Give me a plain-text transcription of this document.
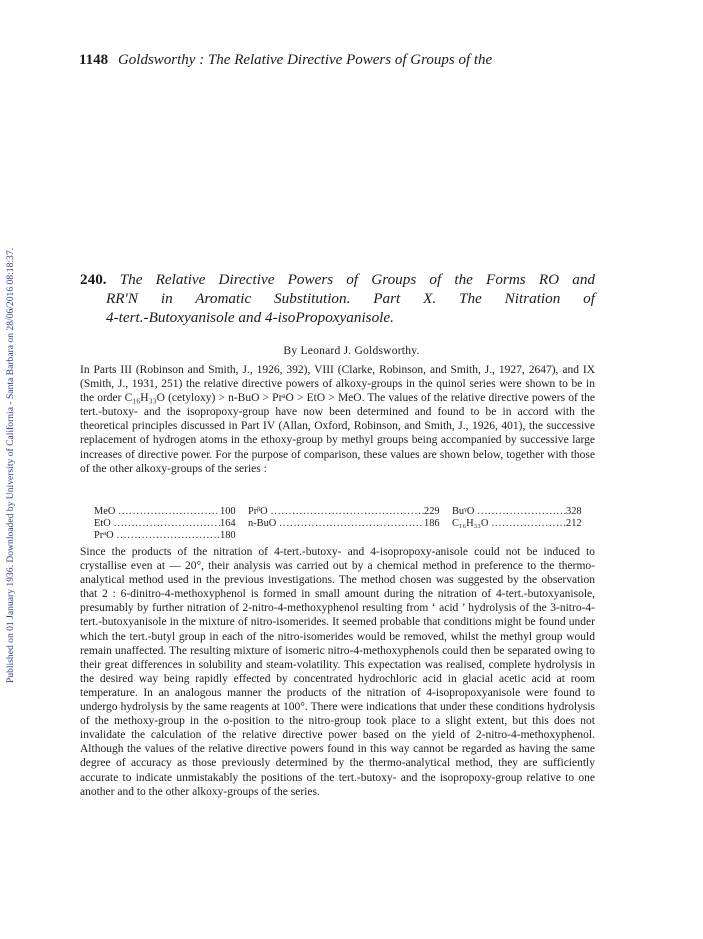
Published on 01 January 1936. Downloaded by University of California - Santa Barbara on 28/06/2016 08:18:37.
1148 Goldsworthy : The Relative Directive Powers of Groups of the

240. The Relative Directive Powers of Groups of the Forms RO and

RR′N in Aromatic Substitution. Part X. The Nitration of

4-tert.-Butoxyanisole and 4-isoPropoxyanisole.

By Leonard J. Goldsworthy.

In Parts III (Robinson and Smith, J., 1926, 392), VIII (Clarke, Robinson, and Smith, J., 1927, 2647), and IX (Smith, J., 1931, 251) the relative directive powers of alkoxy-groups in the quinol series were shown to be in the order C₁₆H₃₃O (cetyloxy) > n-BuO > PrᵃO > EtO > MeO. The values of the relative directive powers of the tert.-butoxy- and the isopropoxy-group have now been determined and found to be in accord with the theoretical principles discussed in Part IV (Allan, Oxford, Robinson, and Smith, J., 1926, 401), the successive replacement of hydrogen atoms in the ethoxy-group by methyl groups being accompanied by successive large increases of directive power. For the purpose of comparison, these values are shown below, together with those of the other alkoxy-groups of the series :

MeO .....	100	PrᵝO .....	229	BuᵞO .....	328
EtO .....	164	n-BuO .....	186	C₁₆H₃₃O .....	212
PrᵃO .....	180

Since the products of the nitration of 4-tert.-butoxy- and 4-isopropoxy-anisole could not be induced to crystallise even at — 20°, their analysis was carried out by a chemical method in preference to the thermo-analytical method used in the previous investigations. The method chosen was suggested by the observation that 2 : 6-dinitro-4-methoxyphenol is formed in small amount during the nitration of 4-tert.-butoxyanisole, presumably by further nitration of 2-nitro-4-methoxyphenol resulting from ‘ acid ’ hydrolysis of the 3-nitro-4-tert.-butoxyanisole in the mixture of nitro-isomerides. It seemed probable that conditions might be found under which the tert.-butyl group in each of the nitro-isomerides would be removed, whilst the methyl group would remain unaffected. The resulting mixture of isomeric nitro-4-methoxyphenols could then be separated owing to their great differences in solubility and steam-volatility. This expectation was realised, complete hydrolysis in the desired way being rapidly effected by concentrated hydrochloric acid in glacial acetic acid at room temperature. In an analogous manner the products of the nitration of 4-isopropoxyanisole were found to undergo hydrolysis by the same reagents at 100°. There were indications that under these conditions hydrolysis of the methoxy-group in the o-position to the nitro-group took place to a slight extent, but this does not invalidate the calculation of the relative directive power based on the yield of 2-nitro-4-methoxyphenol. Although the values of the relative directive powers found in this way cannot be regarded as having the same degree of accuracy as those previously determined by the thermo-analytical method, they are sufficiently accurate to indicate unmistakably the positions of the tert.-butoxy- and the isopropoxy-group relative to one another and to the other alkoxy-groups of the series.
